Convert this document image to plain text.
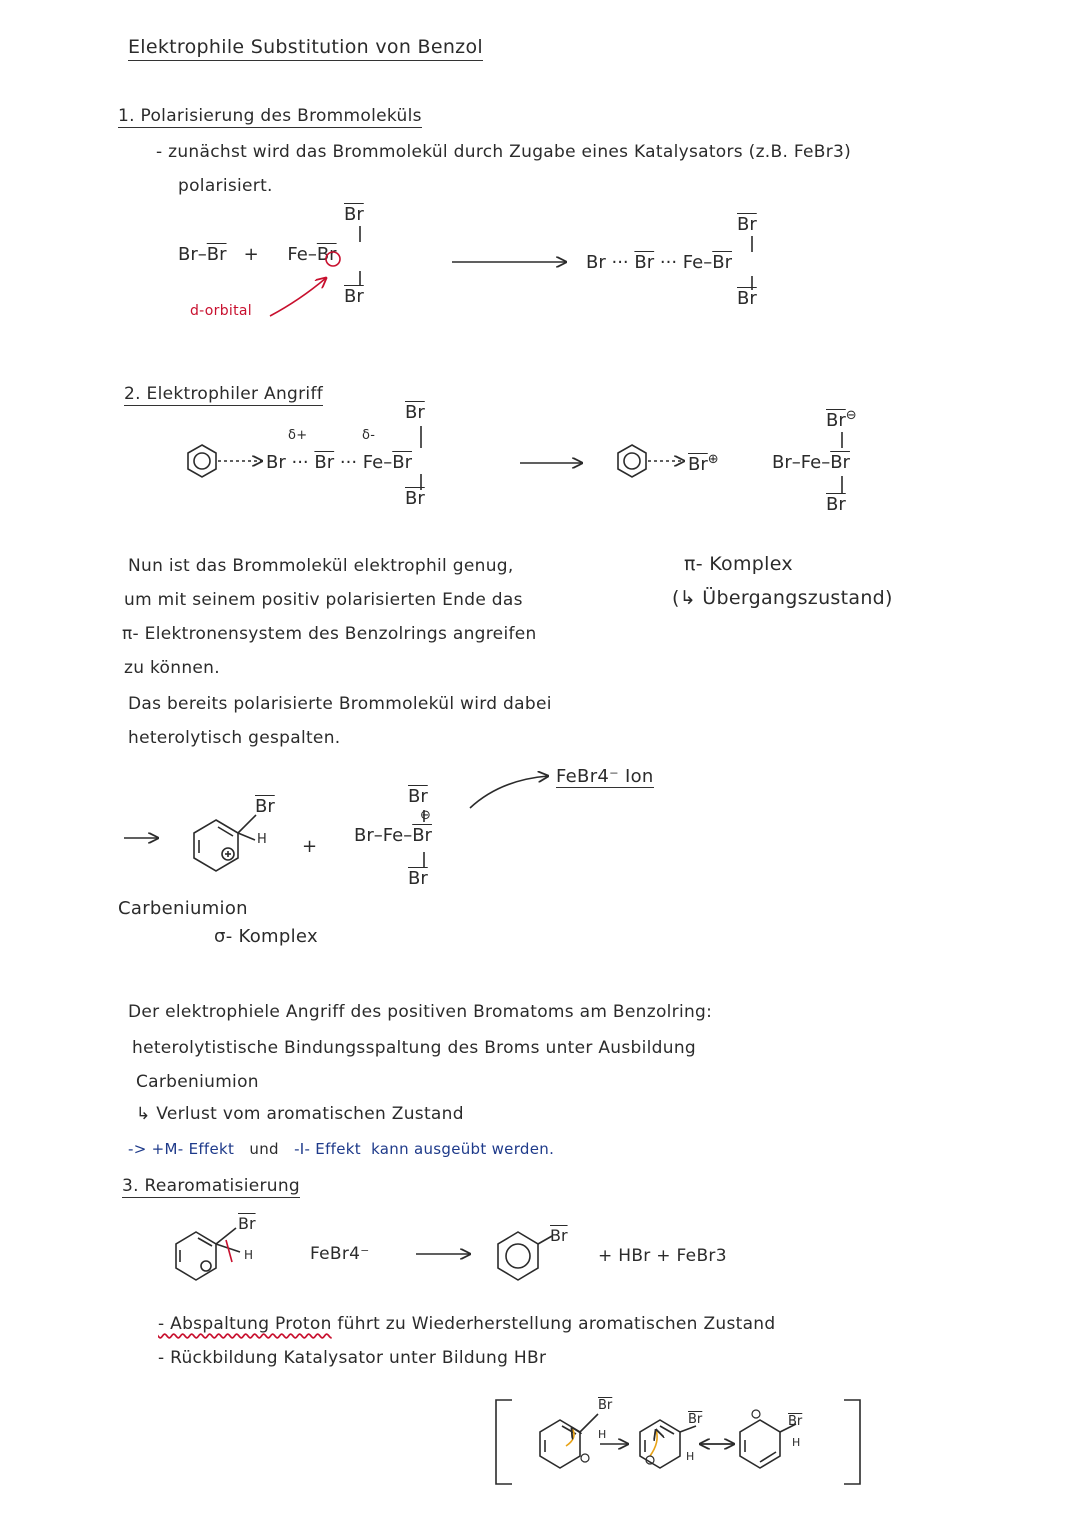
Elektrophile Substitution von Benzol
1. Polarisierung des Brommoleküls
- zunächst wird das Brommolekül durch Zugabe eines Katalysators (z.B. FeBr3)
polarisiert.
$Br-\overline{Br} + Fe-\overline{Br}$
$\overline{Br}$
$\overline{Br}$
d-orbital
Br ··· $\overline{Br}$ ··· $Fe-\overline{Br}$
$\overline{Br}$
$\overline{Br}$
2. Elektrophiler Angriff
δ+	δ-
Br ··· $\overline{Br}$ ··· $Fe-\overline{Br}$
$\overline{Br}$
$\overline{Br}$
$\overline{Br}^\oplus$	$Br-Fe-\overline{Br}$
$\overline{Br}^⊖$
$\overline{Br}$
π- Komplex
(↳ Übergangszustand)
Nun ist das Brommolekül elektrophil genug,
um mit seinem positiv polarisierten Ende das
π- Elektronensystem des Benzolrings angreifen
zu können.
Das bereits polarisierte Brommolekül wird dabei
heterolytisch gespalten.
$\overline{Br}$
H +
$Br-Fe-\overline{Br}$
$\overline{Br}$
⊖
$\overline{Br}$
FeBr4⁻ Ion
Carbeniumion
σ- Komplex
Der elektrophiele Angriff des positiven Bromatoms am Benzolring:
heterolytistische Bindungsspaltung des Broms unter Ausbildung
Carbeniumion
↳ Verlust vom aromatischen Zustand
-> +M- Effekt und -I- Effekt kann ausgeübt werden.
3. Rearomatisierung
$\overline{Br}$
H	FeBr4⁻
$\overline{Br}$
+ HBr + FeBr3
- Abspaltung Proton führt zu Wiederherstellung aromatischen Zustand
- Rückbildung Katalysator unter Bildung HBr
$\overline{Br}$
H
$\overline{Br}$
H
$\overline{Br}$
H
